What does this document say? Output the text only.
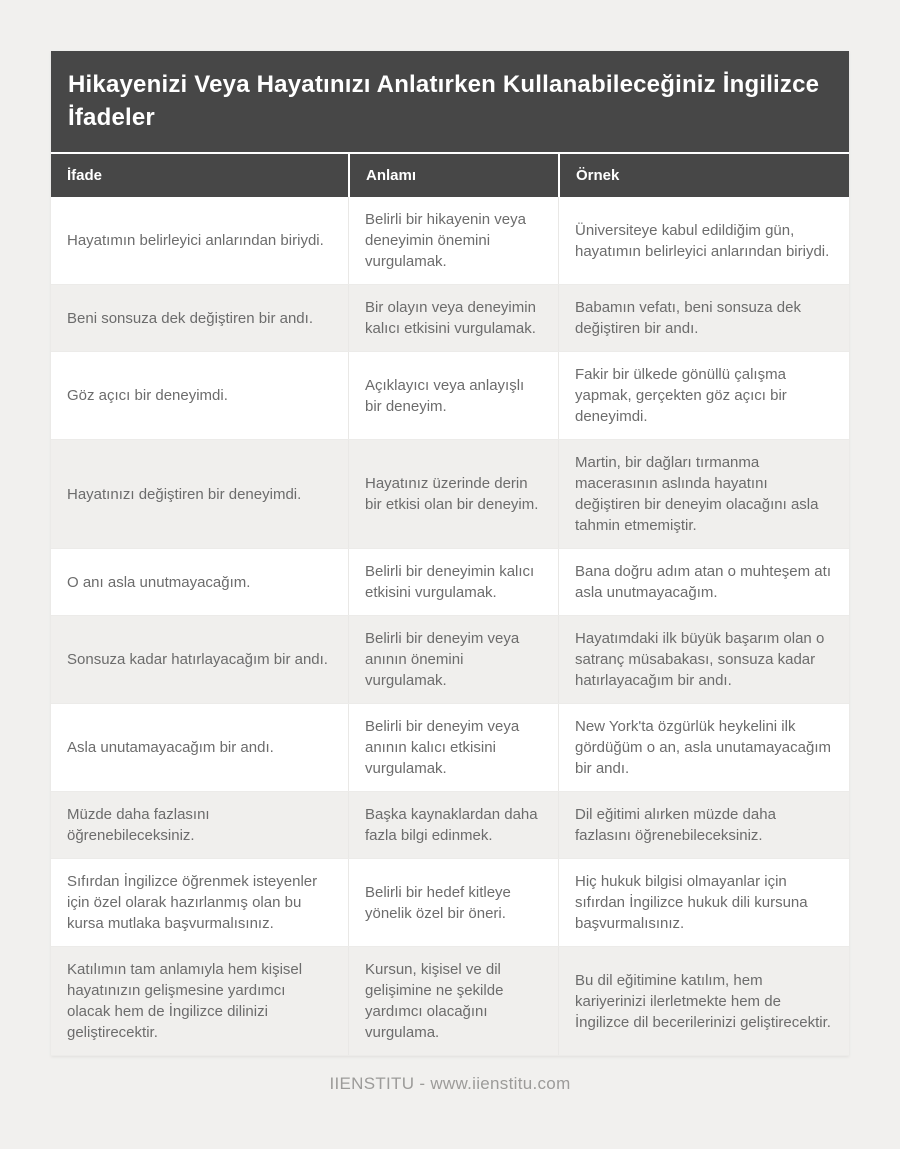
Hikayenizi Veya Hayatınızı Anlatırken Kullanabileceğiniz İngilizce İfadeler
İfade	Anlamı	Örnek
Hayatımın belirleyici anlarından biriydi.
Belirli bir hikayenin veya deneyimin önemini vurgulamak.
Üniversiteye kabul edildiğim gün, hayatımın belirleyici anlarından biriydi.
Beni sonsuza dek değiştiren bir andı.
Bir olayın veya deneyimin kalıcı etkisini vurgulamak.
Babamın vefatı, beni sonsuza dek değiştiren bir andı.
Göz açıcı bir deneyimdi.
Açıklayıcı veya anlayışlı bir deneyim.
Fakir bir ülkede gönüllü çalışma yapmak, gerçekten göz açıcı bir deneyimdi.
Hayatınızı değiştiren bir deneyimdi.
Hayatınız üzerinde derin bir etkisi olan bir deneyim.
Martin, bir dağları tırmanma macerasının aslında hayatını değiştiren bir deneyim olacağını asla tahmin etmemiştir.
O anı asla unutmayacağım.
Belirli bir deneyimin kalıcı etkisini vurgulamak.
Bana doğru adım atan o muhteşem atı asla unutmayacağım.
Sonsuza kadar hatırlayacağım bir andı.
Belirli bir deneyim veya anının önemini vurgulamak.
Hayatımdaki ilk büyük başarım olan o satranç müsabakası, sonsuza kadar hatırlayacağım bir andı.
Asla unutamayacağım bir andı.
Belirli bir deneyim veya anının kalıcı etkisini vurgulamak.
New York'ta özgürlük heykelini ilk gördüğüm o an, asla unutamayacağım bir andı.
Müzde daha fazlasını öğrenebileceksiniz.
Başka kaynaklardan daha fazla bilgi edinmek.
Dil eğitimi alırken müzde daha fazlasını öğrenebileceksiniz.
Sıfırdan İngilizce öğrenmek isteyenler için özel olarak hazırlanmış olan bu kursa mutlaka başvurmalısınız.
Belirli bir hedef kitleye yönelik özel bir öneri.
Hiç hukuk bilgisi olmayanlar için sıfırdan İngilizce hukuk dili kursuna başvurmalısınız.
Katılımın tam anlamıyla hem kişisel hayatınızın gelişmesine yardımcı olacak hem de İngilizce dilinizi geliştirecektir.
Kursun, kişisel ve dil gelişimine ne şekilde yardımcı olacağını vurgulama.
Bu dil eğitimine katılım, hem kariyerinizi ilerletmekte hem de İngilizce dil becerilerinizi geliştirecektir.
IIENSTITU - www.iienstitu.com
